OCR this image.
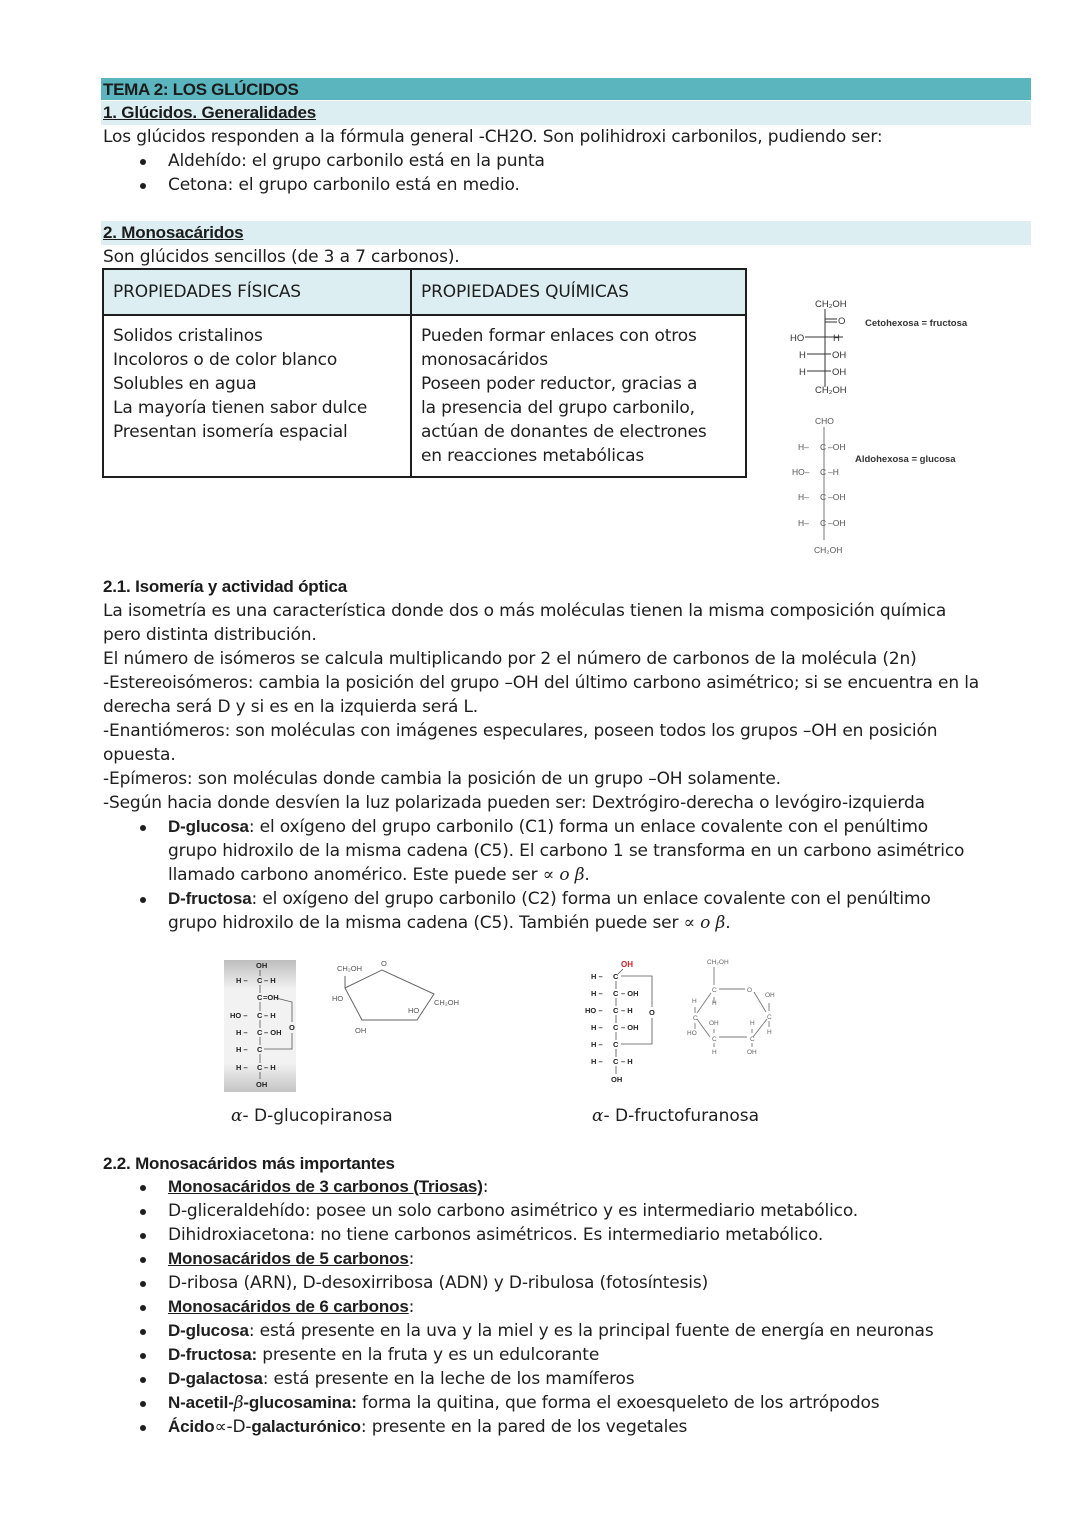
TEMA 2: LOS GLÚCIDOS
1. Glúcidos. Generalidades
Los glúcidos responden a la fórmula general -CH2O. Son polihidroxi carbonilos, pudiendo ser:
Aldehído: el grupo carbonilo está en la punta
Cetona: el grupo carbonilo está en medio.
2. Monosacáridos
Son glúcidos sencillos (de 3 a 7 carbonos).
PROPIEDADES FÍSICAS	PROPIEDADES QUÍMICAS

Solidos cristalinos
Incoloros o de color blanco
Solubles en agua
La mayoría tienen sabor dulce
Presentan isomería espacial

Pueden formar enlaces con otros
monosacáridos
Poseen poder reductor, gracias a
la presencia del grupo carbonilo,
actúan de donantes de electrones
en reacciones metabólicas
CH₂OH
O
HO	H
H	OH
H	OH
CH₂OH
Cetohexosa = fructosa
CHO
H– C –OH
HO– C –H
H– C –OH
H– C –OH
CH₂OH
Aldohexosa = glucosa
2.1. Isomería y actividad óptica
La isometría es una característica donde dos o más moléculas tienen la misma composición química
pero distinta distribución.
El número de isómeros se calcula multiplicando por 2 el número de carbonos de la molécula (2n)
-Estereoisómeros: cambia la posición del grupo –OH del último carbono asimétrico; si se encuentra en la
derecha será D y si es en la izquierda será L.
-Enantiómeros: son moléculas con imágenes especulares, poseen todos los grupos –OH en posición
opuesta.
-Epímeros: son moléculas donde cambia la posición de un grupo –OH solamente.
-Según hacia donde desvíen la luz polarizada pueden ser: Dextrógiro-derecha o levógiro-izquierda
D-glucosa: el oxígeno del grupo carbonilo (C1) forma un enlace covalente con el penúltimo
grupo hidroxilo de la misma cadena (C5). El carbono 1 se transforma en un carbono asimétrico
llamado carbono anomérico. Este puede ser ∝ ο β.
D-fructosa: el oxígeno del grupo carbonilo (C2) forma un enlace covalente con el penúltimo
grupo hidroxilo de la misma cadena (C5). También puede ser ∝ ο β.
OH
H – C – H
C =OH
HO – C – H
H – C – OH
H – C
H – C – H
OH
O
CH₂OH
O
HO	CH₂OH
HO
OH
OH
H – C
H – C – OH
HO – C – H
H – C – OH
H – C
H – C – H
OH
O
CH₂OH
C
H
O
OH
H
C
HO
C
H
OH
C
H
H
C
OH
α- D-glucopiranosa	α- D-fructofuranosa
2.2. Monosacáridos más importantes
Monosacáridos de 3 carbonos (Triosas):
D-gliceraldehído: posee un solo carbono asimétrico y es intermediario metabólico.
Dihidroxiacetona: no tiene carbonos asimétricos. Es intermediario metabólico.
Monosacáridos de 5 carbonos:
D-ribosa (ARN), D-desoxirribosa (ADN) y D-ribulosa (fotosíntesis)
Monosacáridos de 6 carbonos:
D-glucosa: está presente en la uva y la miel y es la principal fuente de energía en neuronas
D-fructosa: presente en la fruta y es un edulcorante
D-galactosa: está presente en la leche de los mamíferos
N-acetil-β-glucosamina: forma la quitina, que forma el exoesqueleto de los artrópodos
Ácido∝-D-galacturónico: presente en la pared de los vegetales
